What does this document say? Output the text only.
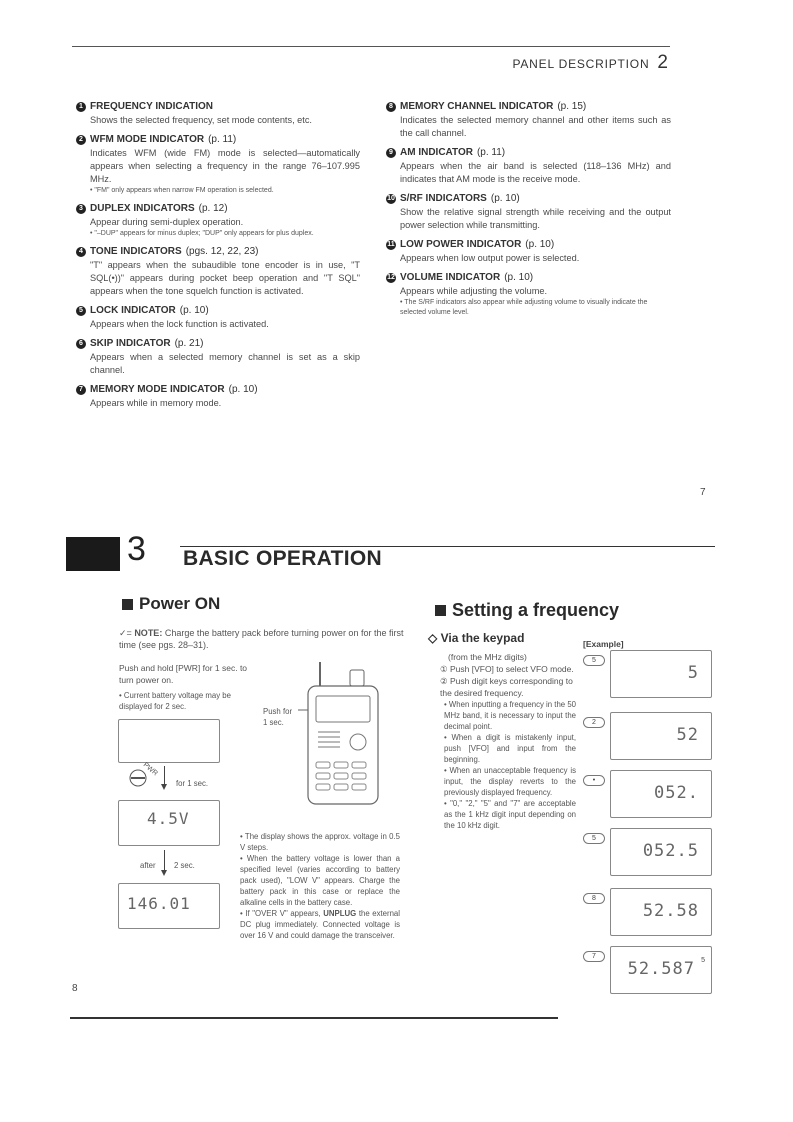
PANEL DESCRIPTION 2
1 FREQUENCY INDICATION
Shows the selected frequency, set mode contents, etc.
2 WFM MODE INDICATOR (p. 11)
Indicates WFM (wide FM) mode is selected—automatically appears when selecting a frequency in the range 76–107.995 MHz.
• "FM" only appears when narrow FM operation is selected.
3 DUPLEX INDICATORS (p. 12)
Appear during semi-duplex operation.
• "–DUP" appears for minus duplex; "DUP" only appears for plus duplex.
4 TONE INDICATORS (pgs. 12, 22, 23)
"T" appears when the subaudible tone encoder is in use, "T SQL(•))" appears during pocket beep operation and "T SQL" appears when the tone squelch function is activated.
5 LOCK INDICATOR (p. 10)
Appears when the lock function is activated.
6 SKIP INDICATOR (p. 21)
Appears when a selected memory channel is set as a skip channel.
7 MEMORY MODE INDICATOR (p. 10)
Appears while in memory mode.
8 MEMORY CHANNEL INDICATOR (p. 15)
Indicates the selected memory channel and other items such as the call channel.
9 AM INDICATOR (p. 11)
Appears when the air band is selected (118–136 MHz) and indicates that AM mode is the receive mode.
10 S/RF INDICATORS (p. 10)
Show the relative signal strength while receiving and the output power selection while transmitting.
11 LOW POWER INDICATOR (p. 10)
Appears when low output power is selected.
12 VOLUME INDICATOR (p. 10)
Appears while adjusting the volume.
• The S/RF indicators also appear while adjusting volume to visually indicate the selected volume level.
7
3 BASIC OPERATION
Power ON
✓= NOTE: Charge the battery pack before turning power on for the first time (see pgs. 28–31).
Push and hold [PWR] for 1 sec. to turn power on.
• Current battery voltage may be displayed for 2 sec.
PWR
for 1 sec.
4.5V
after 2 sec.
146.01
Push for 1 sec.
• The display shows the approx. voltage in 0.5 V steps.
• When the battery voltage is lower than a specified level (varies according to battery pack used), "LOW V" appears. Charge the battery pack in this case or replace the alkaline cells in the battery case.
• If "OVER V" appears, UNPLUG the external DC plug immediately. Connected voltage is over 16 V and could damage the transceiver.
8
Setting a frequency
◇ Via the keypad	[Example]
(from the MHz digits)
① Push [VFO] to select VFO mode.
② Push digit keys corresponding to the desired frequency.
• When inputting a frequency in the 50 MHz band, it is necessary to input the decimal point.
• When a digit is mistakenly input, push [VFO] and input from the beginning.
• When an unacceptable frequency is input, the display reverts to the previously displayed frequency.
• "0," "2," "5" and "7" are acceptable as the 1 kHz digit input depending on the 10 kHz digit.
5
5
2
52
•
052.
5
052.5
8
52.58
7
52.587 5
